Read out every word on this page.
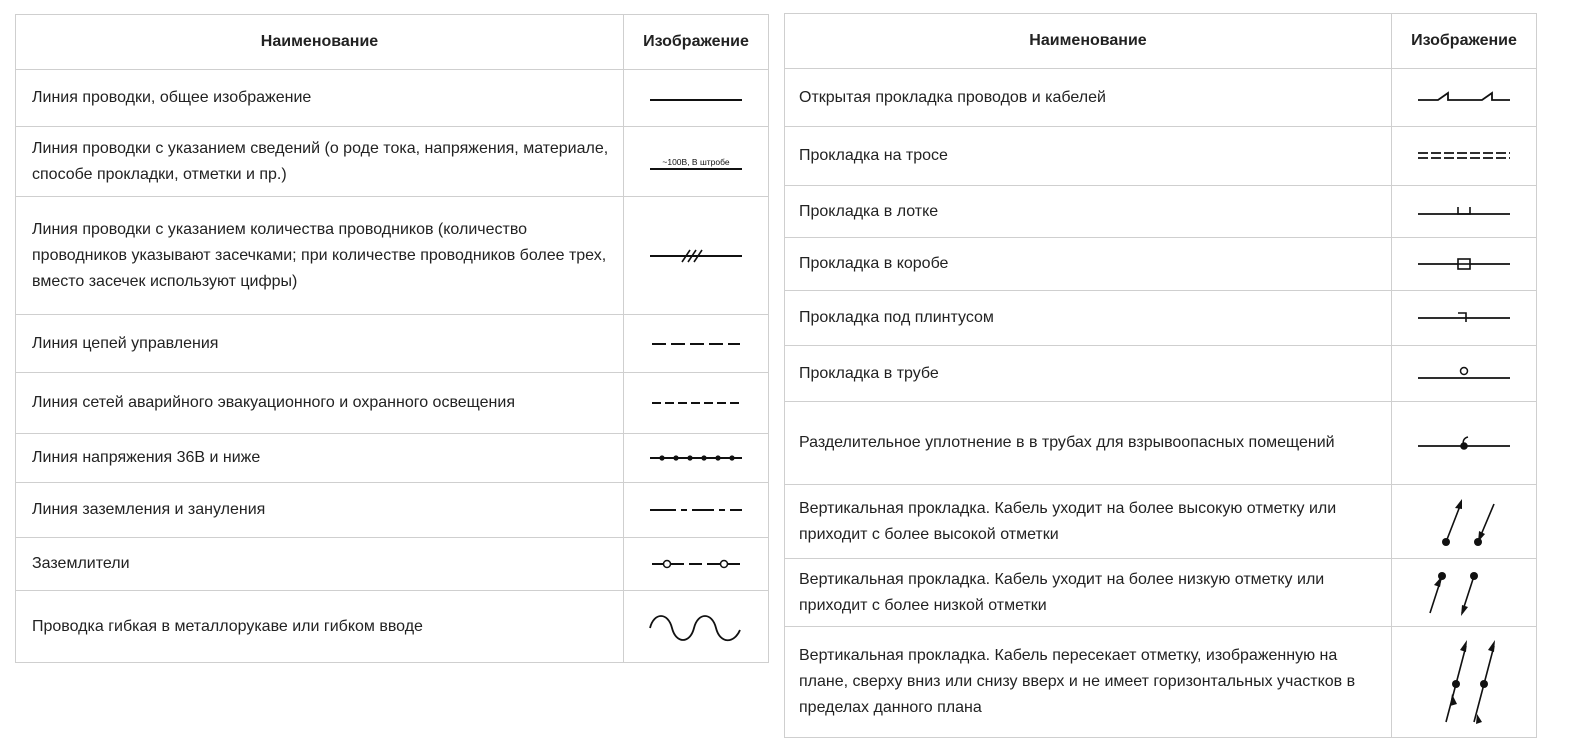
Наименование	Изображение
Линия проводки, общее изображение	
Линия проводки с указанием сведений (о роде тока, напряжения, материале, способе прокладки, отметки и пр.)	~100В, В штробе

Линия проводки с указанием количества проводников (количество проводников указывают засечками; при количестве проводников более трех, вместо засечек используют цифры)	
Линия цепей управления	
Линия сетей аварийного эвакуационного и охранного освещения	
Линия напряжения 36В и ниже	
Линия заземления и зануления	
Заземлители	
Проводка гибкая в металлорукаве или гибком вводе	
Наименование	Изображение
Открытая прокладка проводов и кабелей	
Прокладка на тросе	
Прокладка в лотке	
Прокладка в коробе	
Прокладка под плинтусом	
Прокладка в трубе	
Разделительное уплотнение в в трубах для взрывоопасных помещений	
Вертикальная прокладка. Кабель уходит на более высокую отметку или приходит с более высокой отметки	
Вертикальная прокладка. Кабель уходит на более низкую отметку или приходит с более низкой отметки	
Вертикальная прокладка. Кабель пересекает отметку, изображенную на плане, сверху вниз или снизу вверх и не имеет горизонтальных участков в пределах данного плана	
